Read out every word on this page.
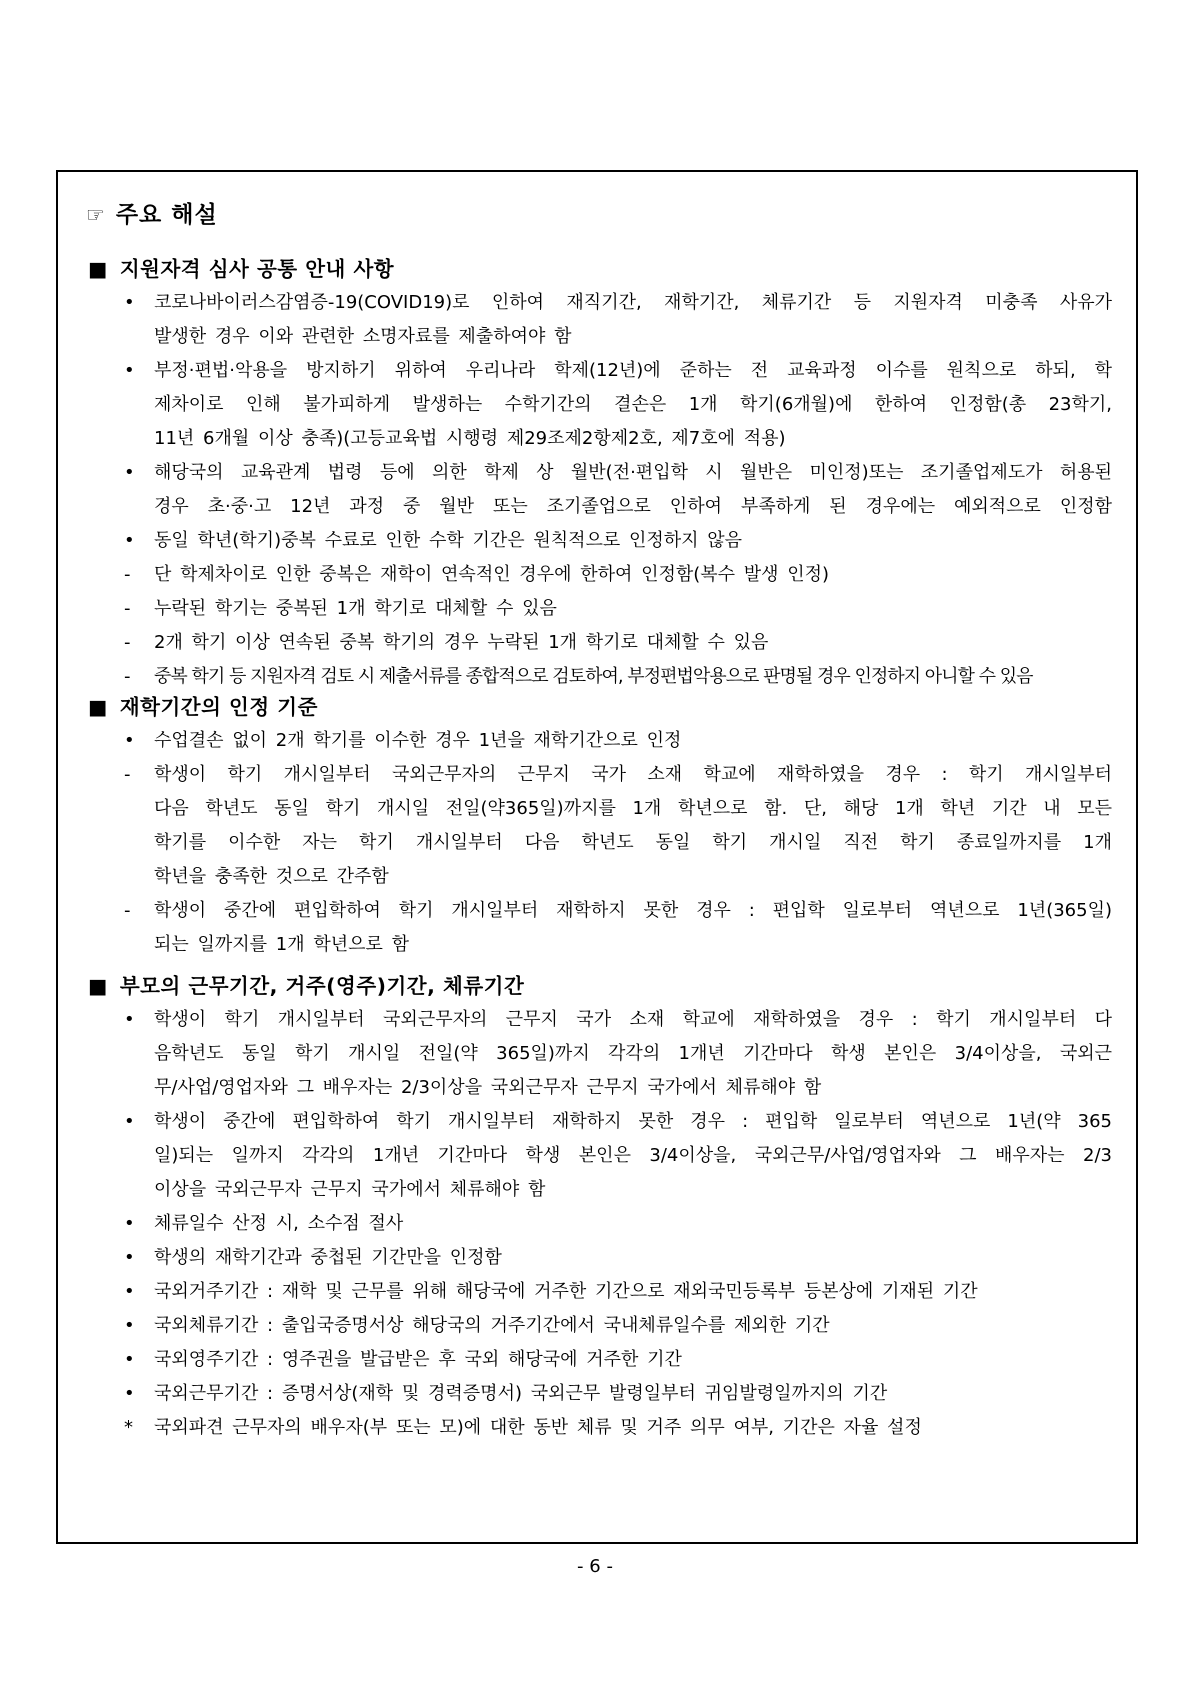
☞ 주요 해설
■ 지원자격 심사 공통 안내 사항
• 코로나바이러스감염증-19(COVID19)로 인하여 재직기간, 재학기간, 체류기간 등 지원자격 미충족 사유가
발생한 경우 이와 관련한 소명자료를 제출하여야 함
• 부정·편법·악용을 방지하기 위하여 우리나라 학제(12년)에 준하는 전 교육과정 이수를 원칙으로 하되, 학
제차이로 인해 불가피하게 발생하는 수학기간의 결손은 1개 학기(6개월)에 한하여 인정함(총 23학기,
11년 6개월 이상 충족)(고등교육법 시행령 제29조제2항제2호, 제7호에 적용)
• 해당국의 교육관계 법령 등에 의한 학제 상 월반(전·편입학 시 월반은 미인정)또는 조기졸업제도가 허용된
경우 초·중·고 12년 과정 중 월반 또는 조기졸업으로 인하여 부족하게 된 경우에는 예외적으로 인정함
• 동일 학년(학기)중복 수료로 인한 수학 기간은 원칙적으로 인정하지 않음
- 단 학제차이로 인한 중복은 재학이 연속적인 경우에 한하여 인정함(복수 발생 인정)
- 누락된 학기는 중복된 1개 학기로 대체할 수 있음
- 2개 학기 이상 연속된 중복 학기의 경우 누락된 1개 학기로 대체할 수 있음
- 중복 학기 등 지원자격 검토 시 제출서류를 종합적으로 검토하여, 부정편법악용으로 판명될 경우 인정하지 아니할 수 있음
■ 재학기간의 인정 기준
• 수업결손 없이 2개 학기를 이수한 경우 1년을 재학기간으로 인정
- 학생이 학기 개시일부터 국외근무자의 근무지 국가 소재 학교에 재학하였을 경우 : 학기 개시일부터
다음 학년도 동일 학기 개시일 전일(약365일)까지를 1개 학년으로 함. 단, 해당 1개 학년 기간 내 모든
학기를 이수한 자는 학기 개시일부터 다음 학년도 동일 학기 개시일 직전 학기 종료일까지를 1개
학년을 충족한 것으로 간주함
- 학생이 중간에 편입학하여 학기 개시일부터 재학하지 못한 경우 : 편입학 일로부터 역년으로 1년(365일)
되는 일까지를 1개 학년으로 함
■ 부모의 근무기간, 거주(영주)기간, 체류기간
• 학생이 학기 개시일부터 국외근무자의 근무지 국가 소재 학교에 재학하였을 경우 : 학기 개시일부터 다
음학년도 동일 학기 개시일 전일(약 365일)까지 각각의 1개년 기간마다 학생 본인은 3/4이상을, 국외근
무/사업/영업자와 그 배우자는 2/3이상을 국외근무자 근무지 국가에서 체류해야 함
• 학생이 중간에 편입학하여 학기 개시일부터 재학하지 못한 경우 : 편입학 일로부터 역년으로 1년(약 365
일)되는 일까지 각각의 1개년 기간마다 학생 본인은 3/4이상을, 국외근무/사업/영업자와 그 배우자는 2/3
이상을 국외근무자 근무지 국가에서 체류해야 함
• 체류일수 산정 시, 소수점 절사
• 학생의 재학기간과 중첩된 기간만을 인정함
• 국외거주기간 : 재학 및 근무를 위해 해당국에 거주한 기간으로 재외국민등록부 등본상에 기재된 기간
• 국외체류기간 : 출입국증명서상 해당국의 거주기간에서 국내체류일수를 제외한 기간
• 국외영주기간 : 영주권을 발급받은 후 국외 해당국에 거주한 기간
• 국외근무기간 : 증명서상(재학 및 경력증명서) 국외근무 발령일부터 귀임발령일까지의 기간
* 국외파견 근무자의 배우자(부 또는 모)에 대한 동반 체류 및 거주 의무 여부, 기간은 자율 설정
- 6 -
